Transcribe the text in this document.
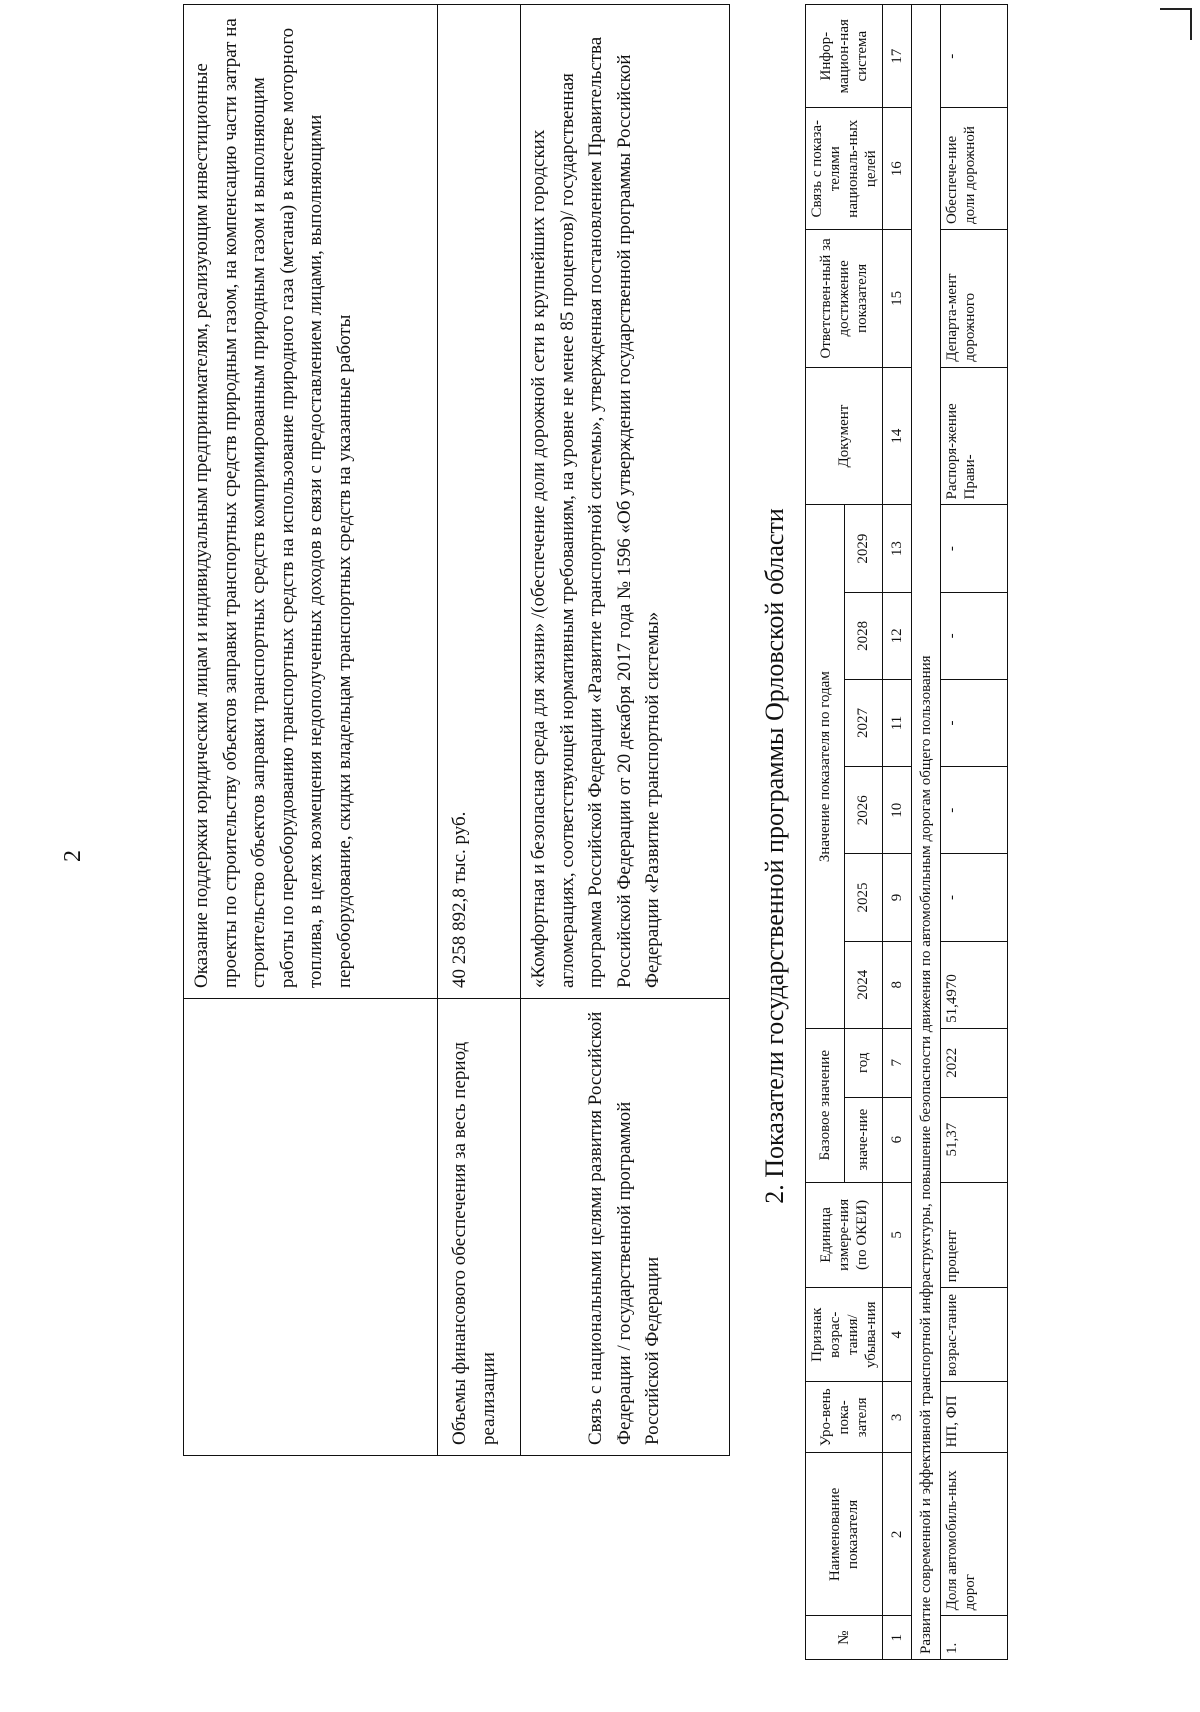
2
		Оказание поддержки юридическим лицам и индивидуальным предпринимателям, реализующим инвестиционные проекты по строительству объектов заправки транспортных средств природным газом, на компенсацию части затрат на строительство объектов заправки транспортных средств компримированным природным газом и выполняющим работы по переоборудованию транспортных средств на использование природного газа (метана) в качестве моторного топлива, в целях возмещения недополученных доходов в связи с предоставлением лицами, выполняющими переоборудование, скидки владельцам транспортных средств на указанные работы
Объемы финансового обеспечения за весь период реализации	40 258 892,8 тыс. руб.
Связь с национальными целями развития Российской Федерации / государственной программой Российской Федерации	«Комфортная и безопасная среда для жизни» /(обеспечение доли дорожной сети в крупнейших городских агломерациях, соответствующей нормативным требованиям, на уровне не менее 85 процентов)/ государственная программа Российской Федерации «Развитие транспортной системы», утвержденная постановлением Правительства Российской Федерации от 20 декабря 2017 года № 1596 «Об утверждении государственной программы Российской Федерации «Развитие транспортной системы»	2. Показатели государственной программы Орловской области
№	Наименование показателя	Уро-вень пока-зателя	Признак возрас-тания/ убыва-ния	Единица измере-ния (по ОКЕИ)	Базовое значение		Значение показателя по годам						Документ	Ответствен-ный за достижение показателя	Связь с показа-телями националь-ных целей	Инфор-мацион-ная система
					значе-ние	год	2024	2025	2026	2027	2028	2029				
1	2	3	4	5	6	7	8	9	10	11	12	13	14	15	16	17
Развитие современной и эффективной транспортной инфраструктуры, повышение безопасности движения по автомобильным дорогам общего пользования																
1.	Доля автомобиль-ных дорог	НП, ФП	возрас-тание	процент	51,37	2022	51,4970	-	-	-	-	-	Распоря-жение Прави-	Департа-мент дорожного	Обеспече-ние доли дорожной	-
